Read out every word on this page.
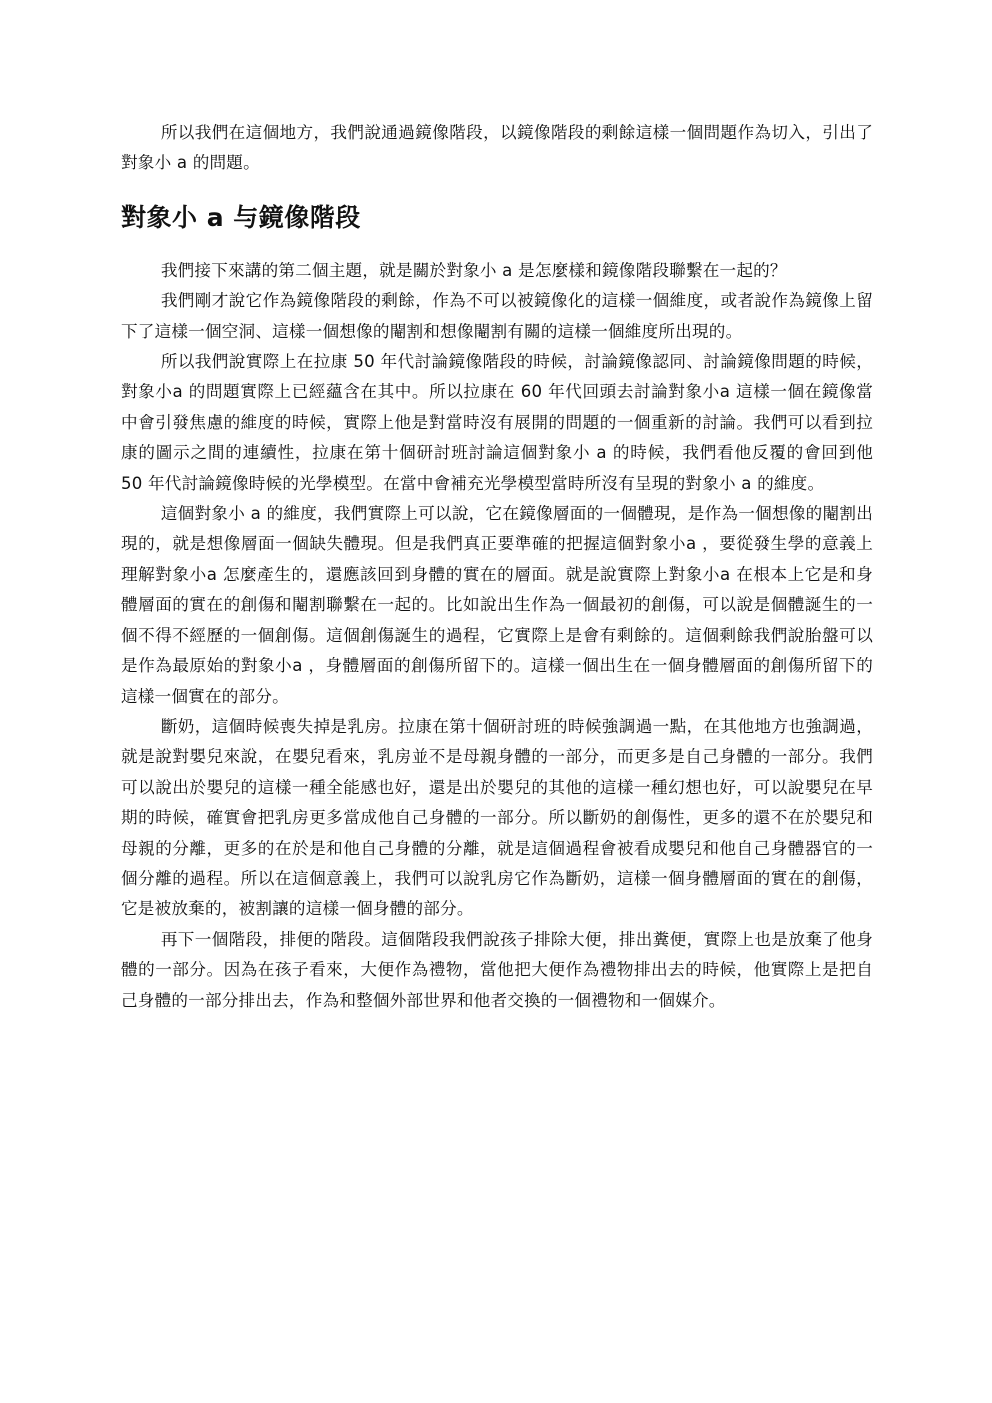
所以我們在這個地方，我們說通過鏡像階段，以鏡像階段的剩餘這樣一個問題作為切入，引出了對象小 a 的問題。

對象小 a 与鏡像階段

我們接下來講的第二個主題，就是關於對象小 a 是怎麼樣和鏡像階段聯繫在一起的？

我們剛才說它作為鏡像階段的剩餘，作為不可以被鏡像化的這樣一個維度，或者說作為鏡像上留下了這樣一個空洞、這樣一個想像的閹割和想像閹割有關的這樣一個維度所出現的。

所以我們說實際上在拉康 50 年代討論鏡像階段的時候，討論鏡像認同、討論鏡像問題的時候，對象小a 的問題實際上已經蘊含在其中。所以拉康在 60 年代回頭去討論對象小a 這樣一個在鏡像當中會引發焦慮的維度的時候，實際上他是對當時沒有展開的問題的一個重新的討論。我們可以看到拉康的圖示之間的連續性，拉康在第十個研討班討論這個對象小 a 的時候，我們看他反覆的會回到他 50 年代討論鏡像時候的光學模型。在當中會補充光學模型當時所沒有呈現的對象小 a 的維度。

這個對象小 a 的維度，我們實際上可以說，它在鏡像層面的一個體現，是作為一個想像的閹割出現的，就是想像層面一個缺失體現。但是我們真正要準確的把握這個對象小a ，要從發生學的意義上理解對象小a 怎麼產生的，還應該回到身體的實在的層面。就是說實際上對象小a 在根本上它是和身體層面的實在的創傷和閹割聯繫在一起的。比如說出生作為一個最初的創傷，可以說是個體誕生的一個不得不經歷的一個創傷。這個創傷誕生的過程，它實際上是會有剩餘的。這個剩餘我們說胎盤可以是作為最原始的對象小a ，身體層面的創傷所留下的。這樣一個出生在一個身體層面的創傷所留下的這樣一個實在的部分。

斷奶，這個時候喪失掉是乳房。拉康在第十個研討班的時候強調過一點，在其他地方也強調過，就是說對嬰兒來說，在嬰兒看來，乳房並不是母親身體的一部分，而更多是自己身體的一部分。我們可以說出於嬰兒的這樣一種全能感也好，還是出於嬰兒的其他的這樣一種幻想也好，可以說嬰兒在早期的時候，確實會把乳房更多當成他自己身體的一部分。所以斷奶的創傷性，更多的還不在於嬰兒和母親的分離，更多的在於是和他自己身體的分離，就是這個過程會被看成嬰兒和他自己身體器官的一個分離的過程。所以在這個意義上，我們可以說乳房它作為斷奶，這樣一個身體層面的實在的創傷，它是被放棄的，被割讓的這樣一個身體的部分。

再下一個階段，排便的階段。這個階段我們說孩子排除大便，排出糞便，實際上也是放棄了他身體的一部分。因為在孩子看來，大便作為禮物，當他把大便作為禮物排出去的時候，他實際上是把自己身體的一部分排出去，作為和整個外部世界和他者交換的一個禮物和一個媒介。
